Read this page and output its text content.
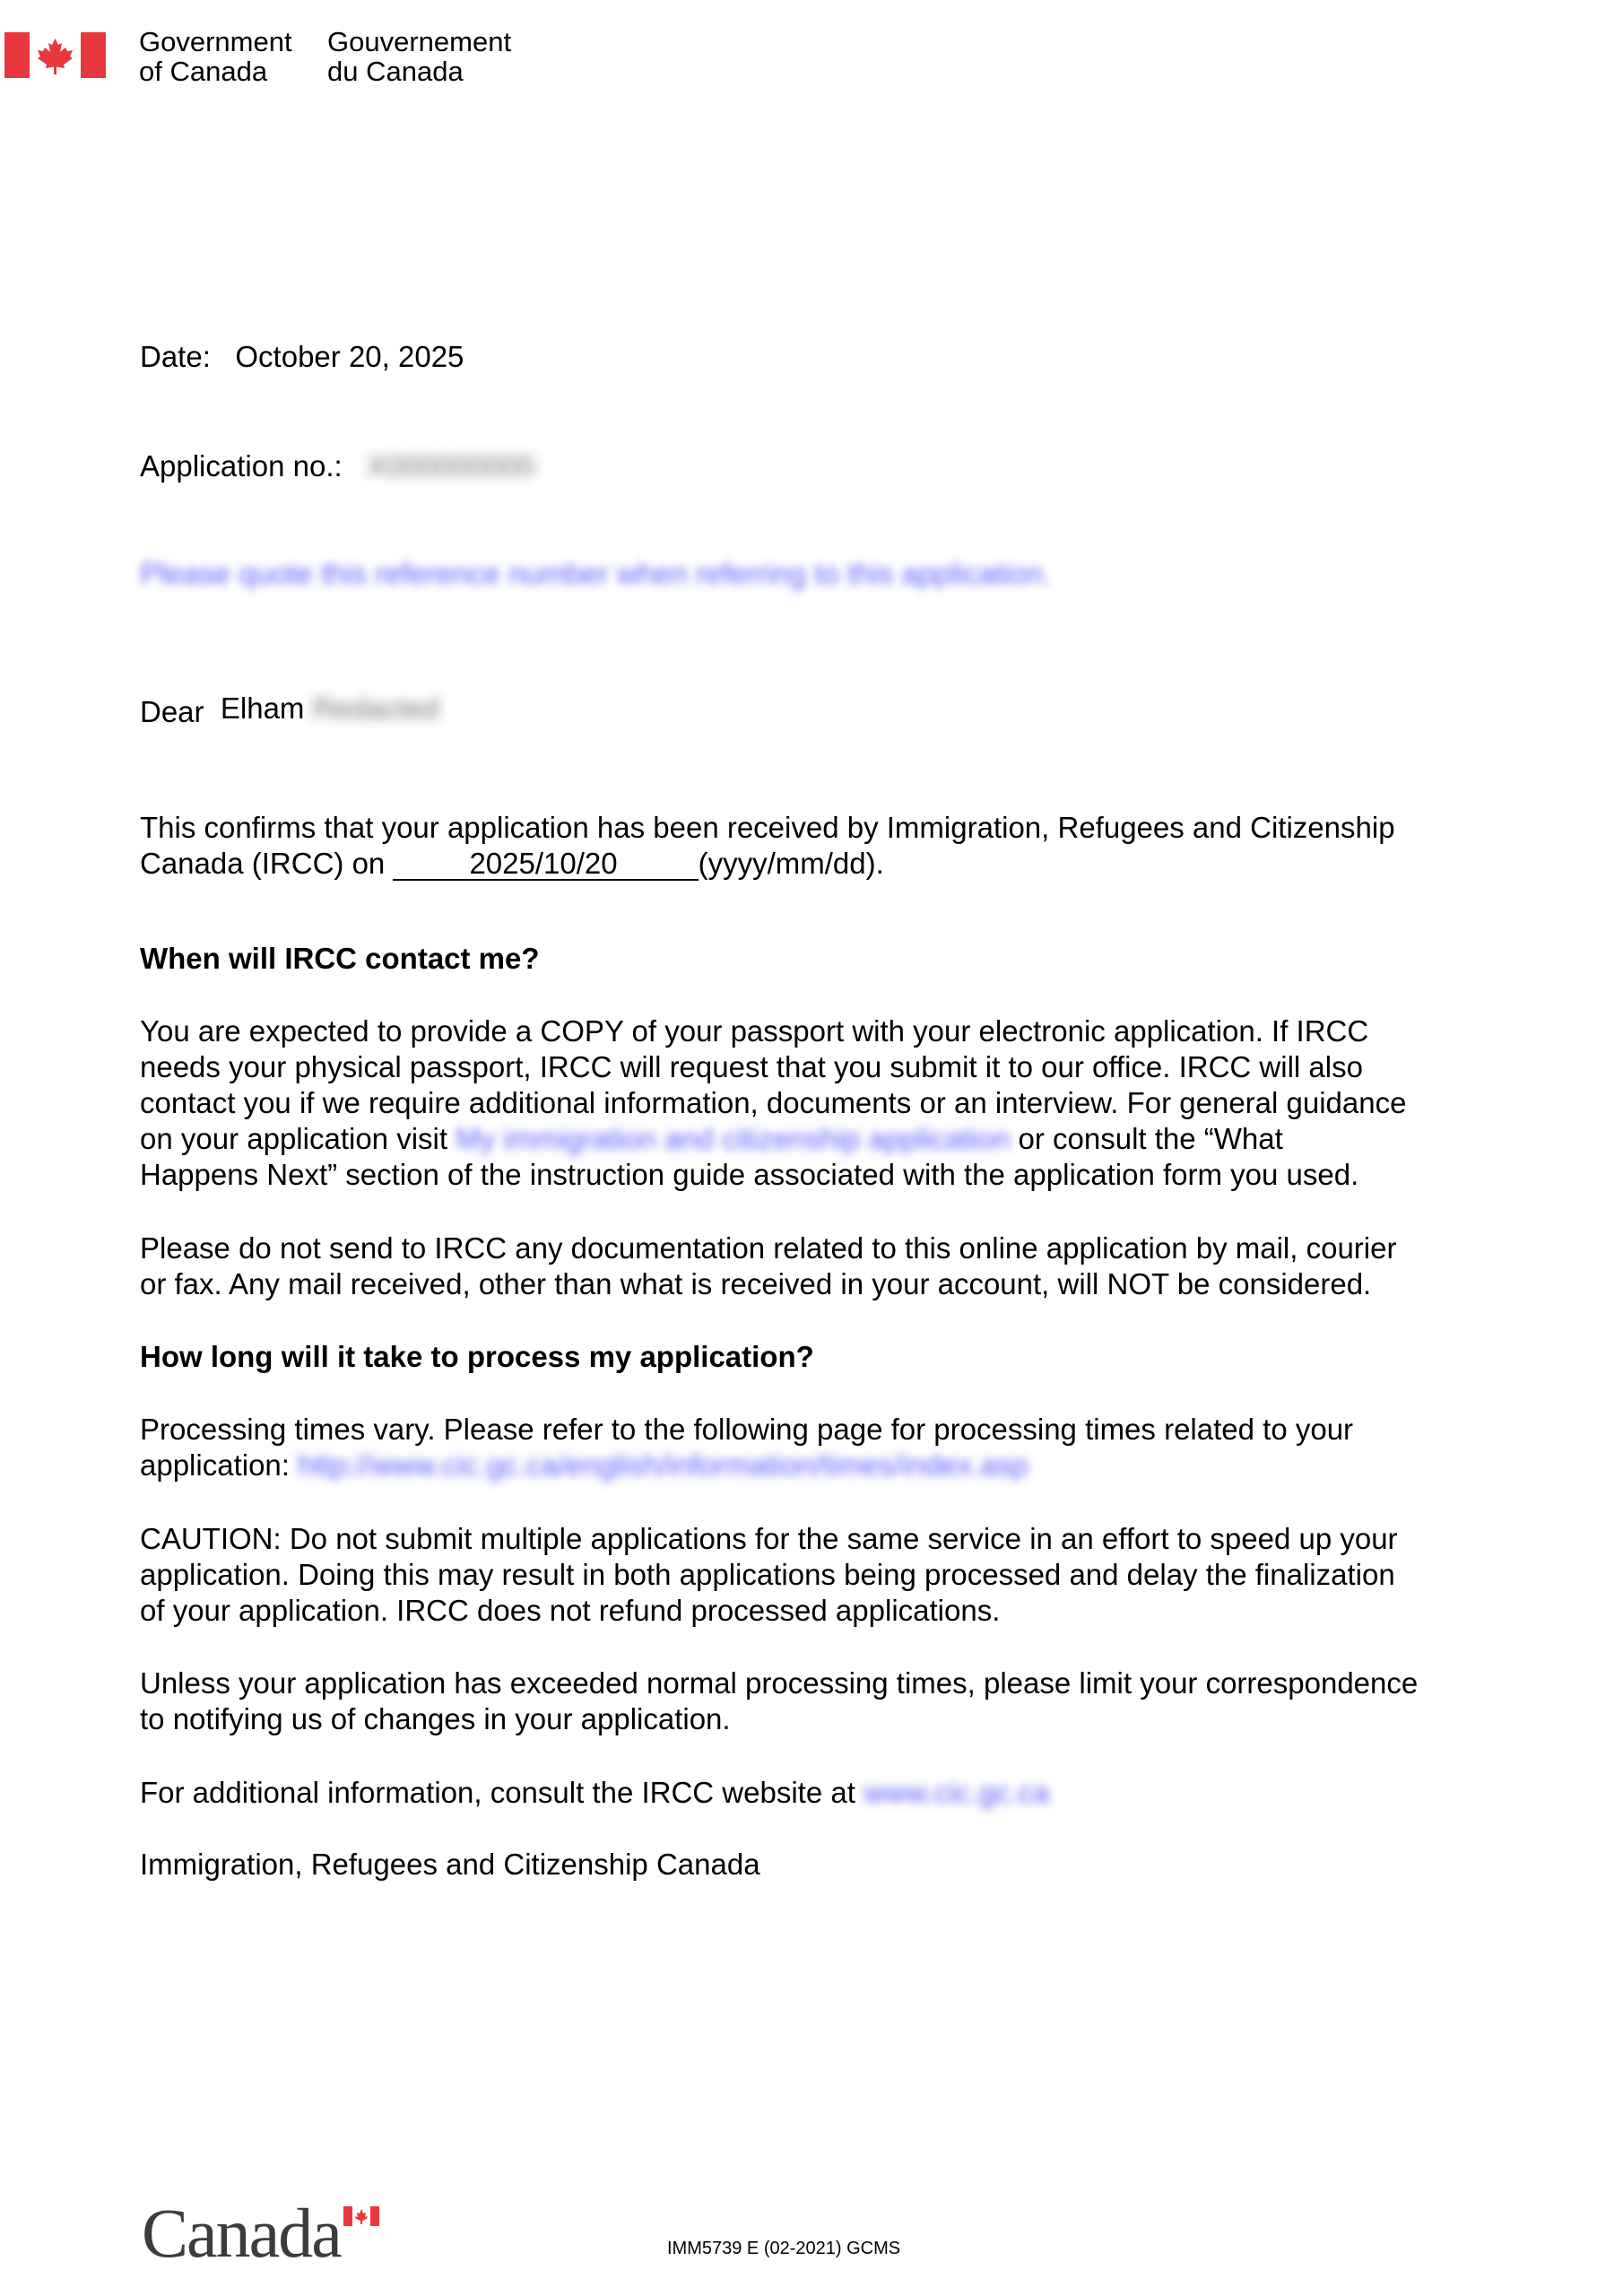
Government
of Canada
Gouvernement
du Canada
Date: October 20, 2025
Application no.: X000000000
Please quote this reference number when referring to this application.
Dear Elham Redacted
This confirms that your application has been received by Immigration, Refugees and Citizenship
Canada (IRCC) on	2025/10/20	(yyyy/mm/dd).
When will IRCC contact me?
You are expected to provide a COPY of your passport with your electronic application. If IRCC
needs your physical passport, IRCC will request that you submit it to our office. IRCC will also
contact you if we require additional information, documents or an interview. For general guidance
on your application visit My immigration and citizenship application or consult the “What
Happens Next” section of the instruction guide associated with the application form you used.
Please do not send to IRCC any documentation related to this online application by mail, courier
or fax. Any mail received, other than what is received in your account, will NOT be considered.
How long will it take to process my application?
Processing times vary. Please refer to the following page for processing times related to your
application: http://www.cic.gc.ca/english/information/times/index.asp
CAUTION: Do not submit multiple applications for the same service in an effort to speed up your
application. Doing this may result in both applications being processed and delay the finalization
of your application. IRCC does not refund processed applications.
Unless your application has exceeded normal processing times, please limit your correspondence
to notifying us of changes in your application.
For additional information, consult the IRCC website at www.cic.gc.ca
Immigration, Refugees and Citizenship Canada
Canada	IMM5739 E (02-2021) GCMS
